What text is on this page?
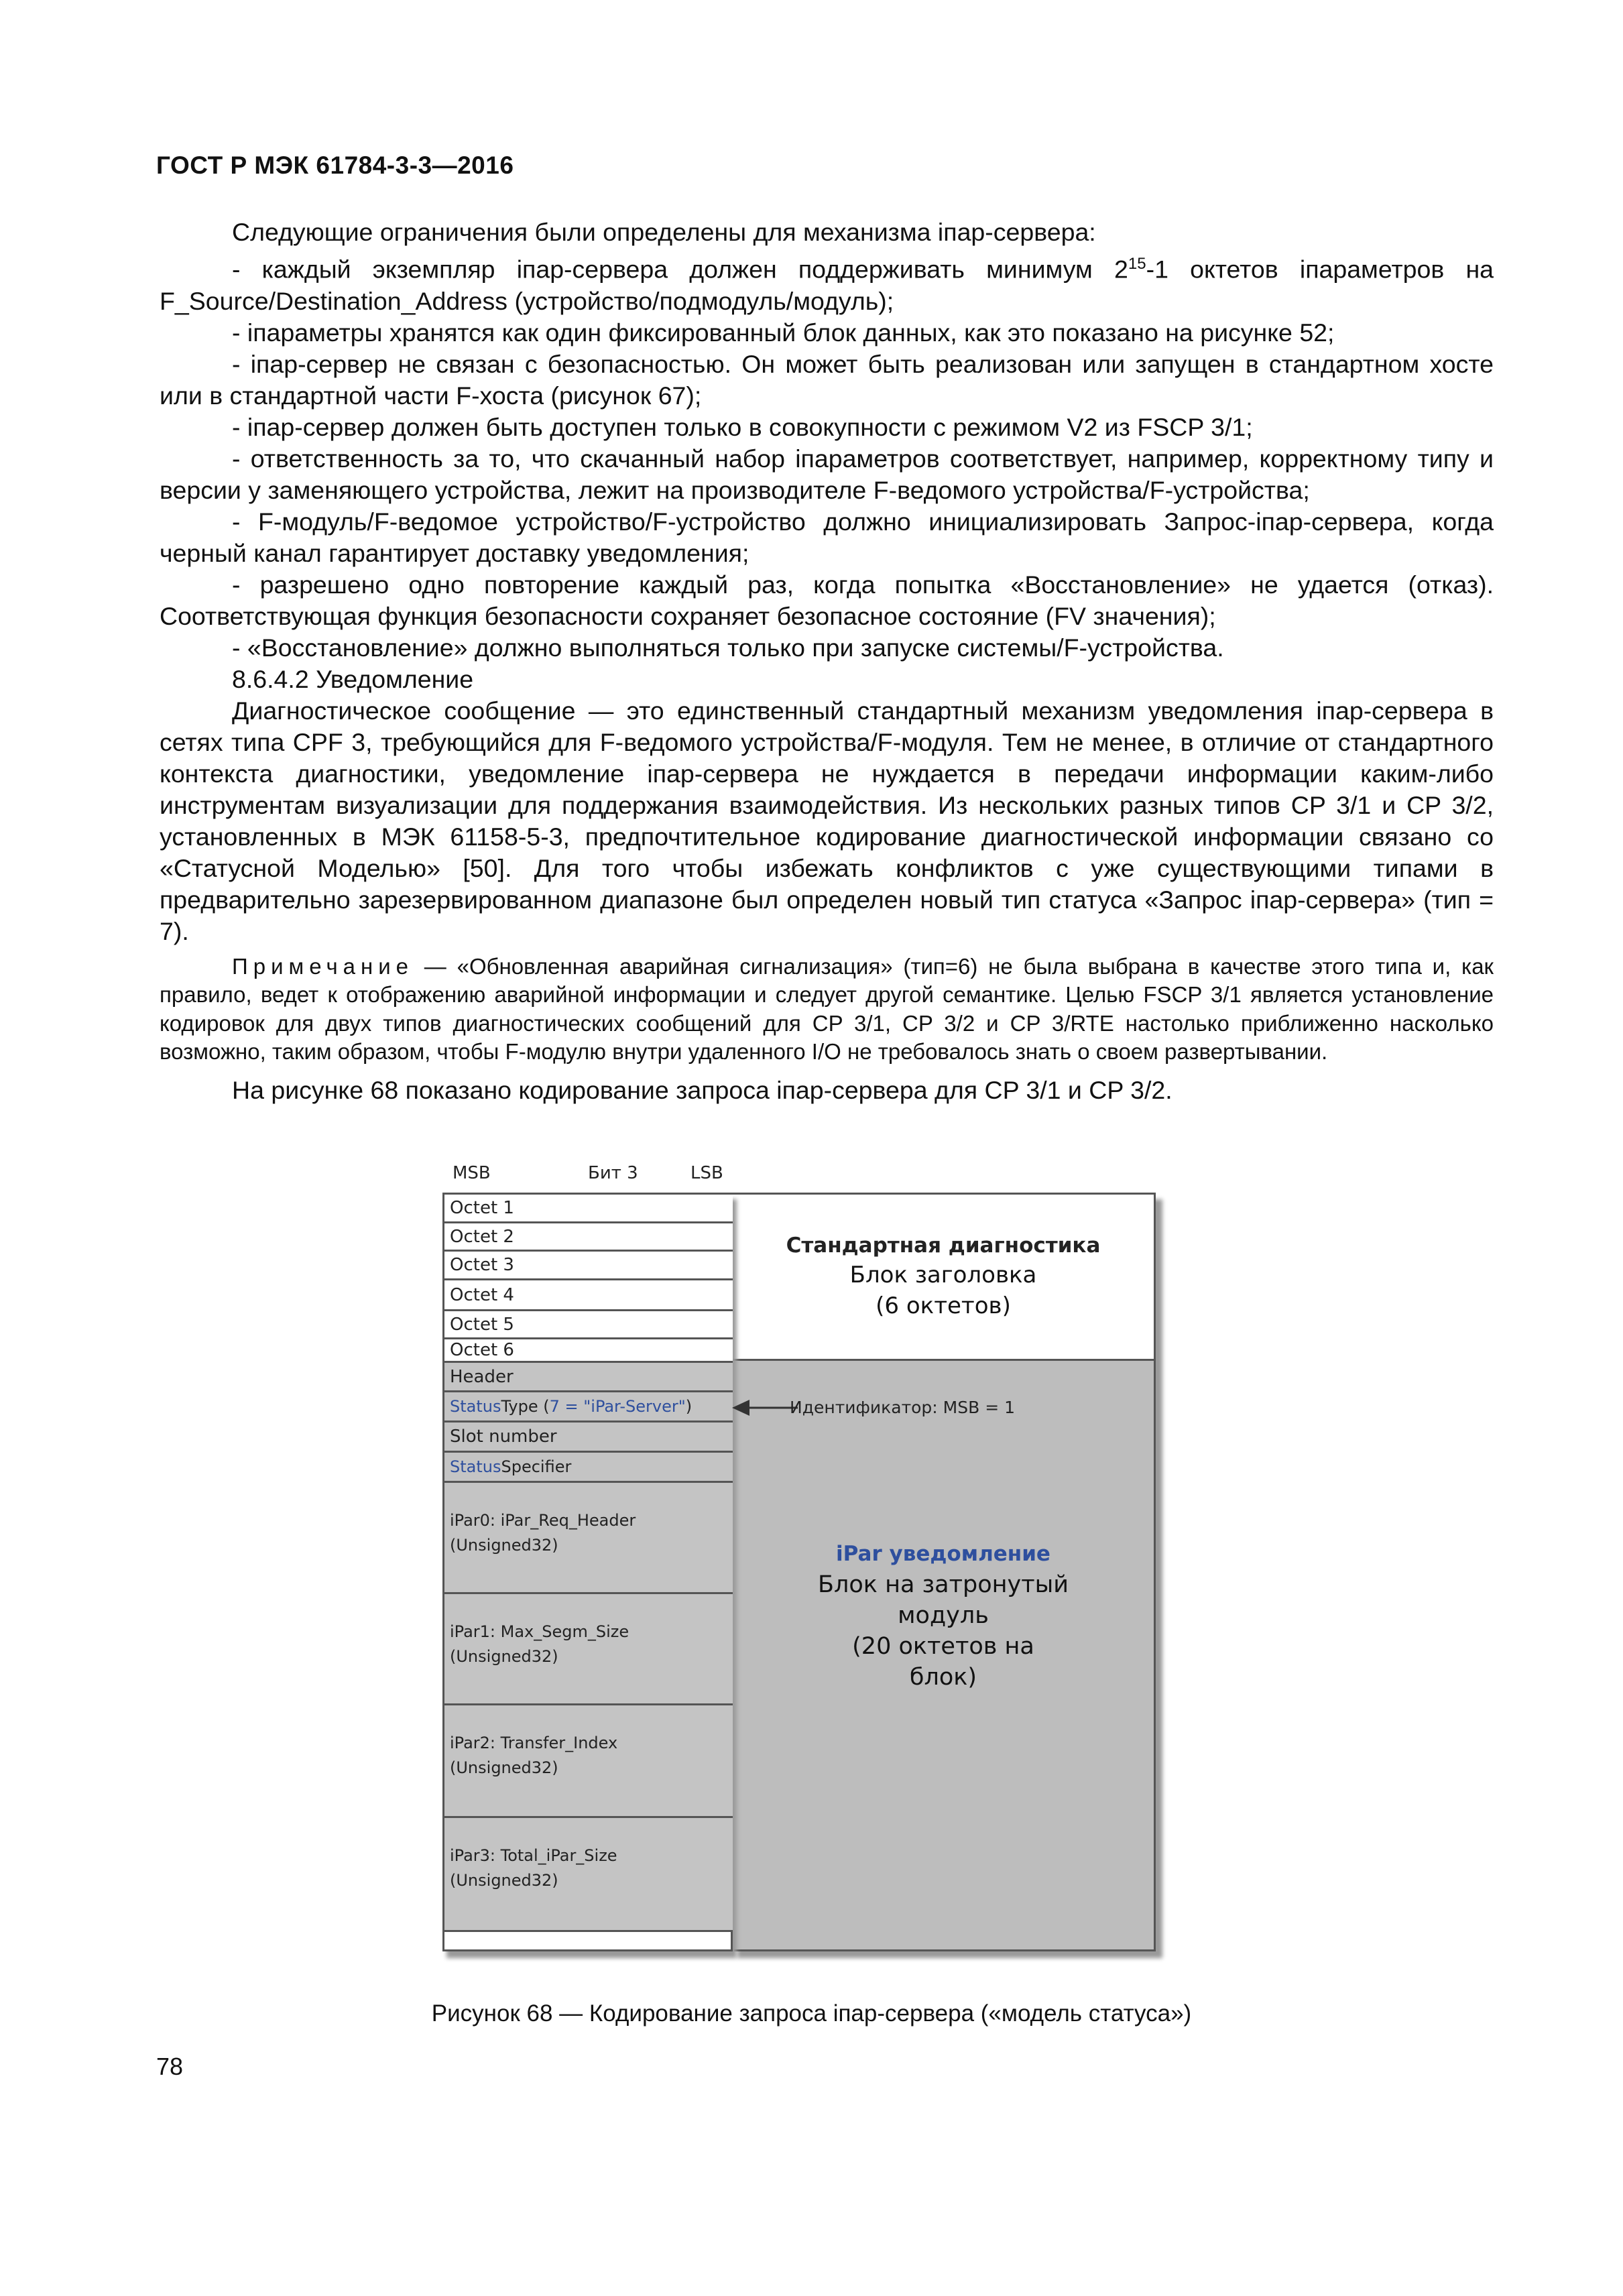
ГОСТ Р МЭК 61784-3-3—2016

Следующие ограничения были определены для механизма iпар-сервера:

- каждый экземпляр iпар-сервера должен поддерживать минимум $2^{15}-1$ октетов iпараметров на F_Source/Destination_Address (устройство/подмодуль/модуль);

- iпараметры хранятся как один фиксированный блок данных, как это показано на рисунке 52;

- iпар-сервер не связан с безопасностью. Он может быть реализован или запущен в стандартном хосте или в стандартной части F-хоста (рисунок 67);

- iпар-сервер должен быть доступен только в совокупности с режимом V2 из FSCP 3/1;

- ответственность за то, что скачанный набор iпараметров соответствует, например, корректному типу и версии у заменяющего устройства, лежит на производителе F-ведомого устройства/F-устройства;

- F-модуль/F-ведомое устройство/F-устройство должно инициализировать Запрос-iпар-сервера, когда черный канал гарантирует доставку уведомления;

- разрешено одно повторение каждый раз, когда попытка «Восстановление» не удается (отказ). Соответствующая функция безопасности сохраняет безопасное состояние (FV значения);

- «Восстановление» должно выполняться только при запуске системы/F-устройства.

8.6.4.2 Уведомление

Диагностическое сообщение — это единственный стандартный механизм уведомления iпар-сервера в сетях типа CPF 3, требующийся для F-ведомого устройства/F-модуля. Тем не менее, в отличие от стандартного контекста диагностики, уведомление iпар-сервера не нуждается в передачи информации каким-либо инструментам визуализации для поддержания взаимодействия. Из нескольких разных типов CP 3/1 и CP 3/2, установленных в МЭК 61158-5-3, предпочтительное кодирование диагностической информации связано со «Статусной Моделью» [50]. Для того чтобы избежать конфликтов с уже существующими типами в предварительно зарезервированном диапазоне был определен новый тип статуса «Запрос iпар-сервера» (тип = 7).

Примечание — «Обновленная аварийная сигнализация» (тип=6) не была выбрана в качестве этого типа и, как правило, ведет к отображению аварийной информации и следует другой семантике. Целью FSCP 3/1 является установление кодировок для двух типов диагностических сообщений для CP 3/1, CP 3/2 и CP 3/RTE настолько приближенно насколько возможно, таким образом, чтобы F-модулю внутри удаленного I/O не требовалось знать о своем развертывании.

На рисунке 68 показано кодирование запроса iпар-сервера для CP 3/1 и CP 3/2.

MSB	Бит 3	LSB
Стандартная диагностика
Блок заголовка
(6 октетов)
iPar уведомление
Блок на затронутый
модуль
(20 октетов на
блок)
Octet 1
Octet 2
Octet 3
Octet 4
Octet 5
Octet 6
Header
Status Type ( 7 = "iPar-Server" )
Slot number
Status Specifier
iPar0: iPar_Req_Header
(Unsigned32)
iPar1: Max_Segm_Size
(Unsigned32)
iPar2: Transfer_Index
(Unsigned32)
iPar3: Total_iPar_Size
(Unsigned32)
Идентификатор: MSB = 1
Рисунок 68 — Кодирование запроса iпар-сервера («модель статуса»)
78
